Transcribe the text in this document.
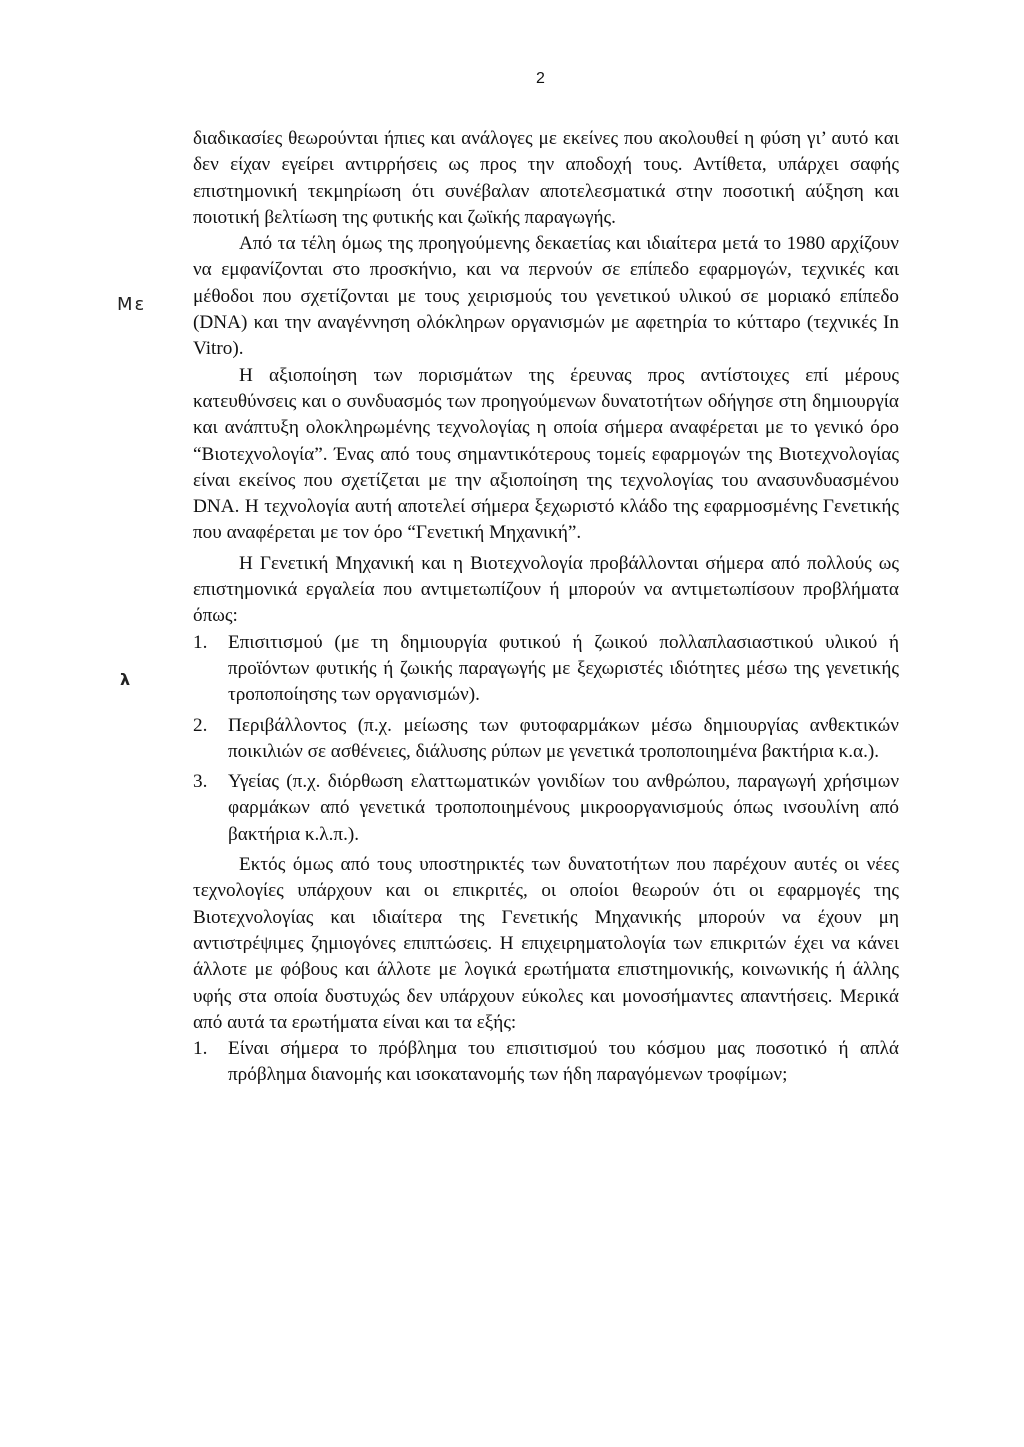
2
Με
λ

διαδικασίες θεωρούνται ήπιες και ανάλογες με εκείνες που ακολουθεί η φύση γι’ αυτό και δεν είχαν εγείρει αντιρρήσεις ως προς την αποδοχή τους. Αντίθετα, υπάρχει σαφής επιστημονική τεκμηρίωση ότι συνέβαλαν αποτελεσματικά στην ποσοτική αύξηση και ποιοτική βελτίωση της φυτικής και ζωϊκής παραγωγής.

Από τα τέλη όμως της προηγούμενης δεκαετίας και ιδιαίτερα μετά το 1980 αρχίζουν να εμφανίζονται στο προσκήνιο, και να περνούν σε επίπεδο εφαρμογών, τεχνικές και μέθοδοι που σχετίζονται με τους χειρισμούς του γενετικού υλικού σε μοριακό επίπεδο (DNA) και την αναγέννηση ολόκληρων οργανισμών με αφετηρία το κύτταρο (τεχνικές In Vitro).

Η αξιοποίηση των πορισμάτων της έρευνας προς αντίστοιχες επί μέρους κατευθύνσεις και ο συνδυασμός των προηγούμενων δυνατοτήτων οδήγησε στη δημιουργία και ανάπτυξη ολοκληρωμένης τεχνολογίας η οποία σήμερα αναφέρεται με το γενικό όρο “Βιοτεχνολογία”. Ένας από τους σημαντικότερους τομείς εφαρμογών της Βιοτεχνολογίας είναι εκείνος που σχετίζεται με την αξιοποίηση της τεχνολογίας του ανασυνδυασμένου DNA. Η τεχνολογία αυτή αποτελεί σήμερα ξεχωριστό κλάδο της εφαρμοσμένης Γενετικής που αναφέρεται με τον όρο “Γενετική Μηχανική”.

Η Γενετική Μηχανική και η Βιοτεχνολογία προβάλλονται σήμερα από πολλούς ως επιστημονικά εργαλεία που αντιμετωπίζουν ή μπορούν να αντιμετωπίσουν προβλήματα όπως:

1.	Επισιτισμού (με τη δημιουργία φυτικού ή ζωικού πολλαπλασιαστικού υλικού ή προϊόντων φυτικής ή ζωικής παραγωγής με ξεχωριστές ιδιότητες μέσω της γενετικής τροποποίησης των οργανισμών).
2.	Περιβάλλοντος (π.χ. μείωσης των φυτοφαρμάκων μέσω δημιουργίας ανθεκτικών ποικιλιών σε ασθένειες, διάλυσης ρύπων με γενετικά τροποποιημένα βακτήρια κ.α.).
3.	Υγείας (π.χ. διόρθωση ελαττωματικών γονιδίων του ανθρώπου, παραγωγή χρήσιμων φαρμάκων από γενετικά τροποποιημένους μικροοργανισμούς όπως ινσουλίνη από βακτήρια κ.λ.π.).

Εκτός όμως από τους υποστηρικτές των δυνατοτήτων που παρέχουν αυτές οι νέες τεχνολογίες υπάρχουν και οι επικριτές, οι οποίοι θεωρούν ότι οι εφαρμογές της Βιοτεχνολογίας και ιδιαίτερα της Γενετικής Μηχανικής μπορούν να έχουν μη αντιστρέψιμες ζημιογόνες επιπτώσεις. Η επιχειρηματολογία των επικριτών έχει να κάνει άλλοτε με φόβους και άλλοτε με λογικά ερωτήματα επιστημονικής, κοινωνικής ή άλλης υφής στα οποία δυστυχώς δεν υπάρχουν εύκολες και μονοσήμαντες απαντήσεις. Μερικά από αυτά τα ερωτήματα είναι και τα εξής:

1.	Είναι σήμερα το πρόβλημα του επισιτισμού του κόσμου μας ποσοτικό ή απλά πρόβλημα διανομής και ισοκατανομής των ήδη παραγόμενων τροφίμων;
